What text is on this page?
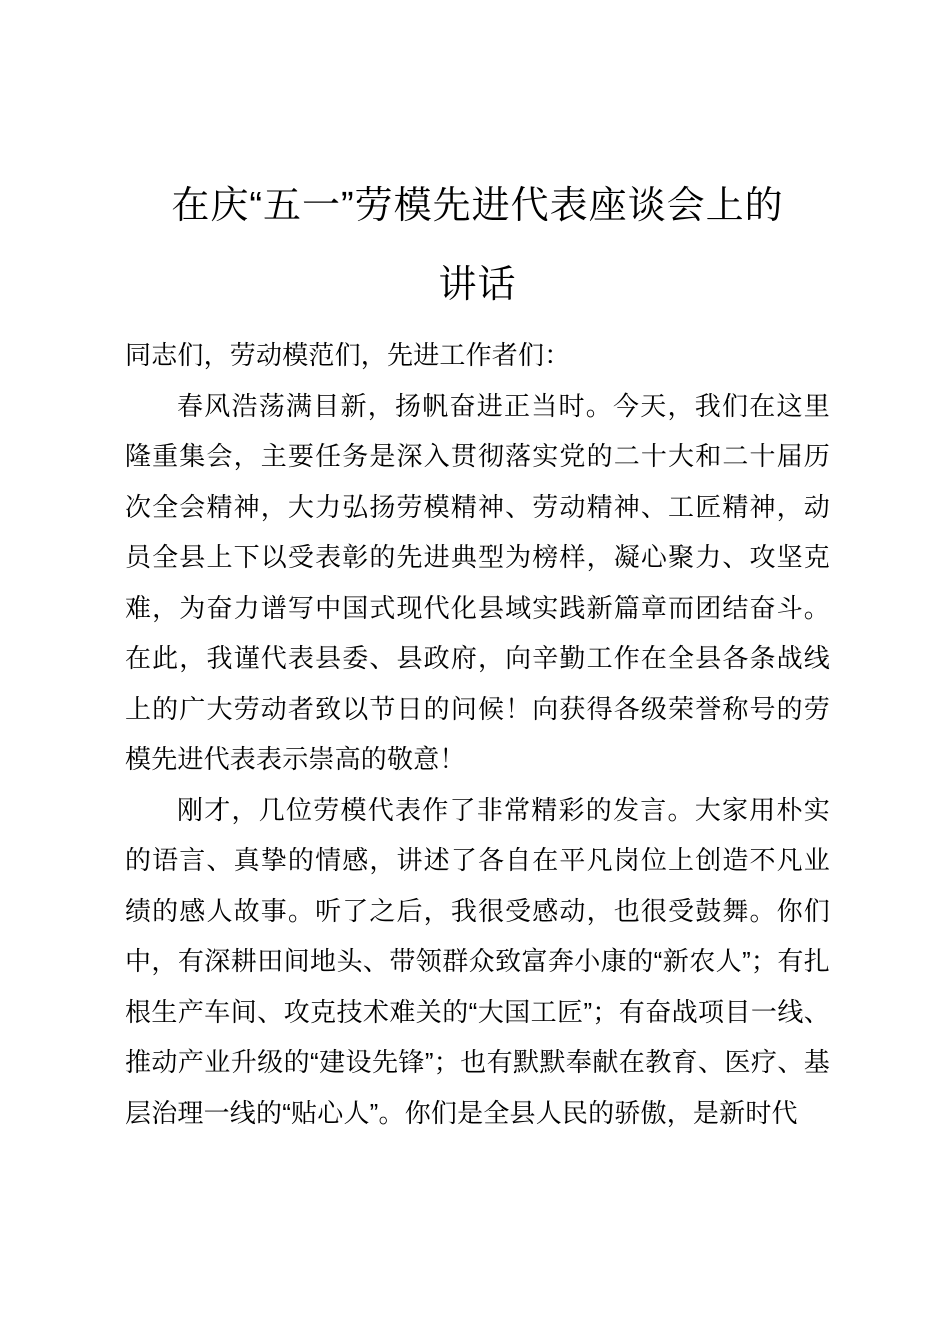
在庆“五一”劳模先进代表座谈会上的
讲话

同志们，劳动模范们，先进工作者们：

春风浩荡满目新，扬帆奋进正当时。今天，我们在这里隆重集会，主要任务是深入贯彻落实党的二十大和二十届历次全会精神，大力弘扬劳模精神、劳动精神、工匠精神，动员全县上下以受表彰的先进典型为榜样，凝心聚力、攻坚克难，为奋力谱写中国式现代化县域实践新篇章而团结奋斗。在此，我谨代表县委、县政府，向辛勤工作在全县各条战线上的广大劳动者致以节日的问候！向获得各级荣誉称号的劳模先进代表表示崇高的敬意！

刚才，几位劳模代表作了非常精彩的发言。大家用朴实的语言、真挚的情感，讲述了各自在平凡岗位上创造不凡业绩的感人故事。听了之后，我很受感动，也很受鼓舞。你们中，有深耕田间地头、带领群众致富奔小康的“新农人”；有扎根生产车间、攻克技术难关的“大国工匠”；有奋战项目一线、推动产业升级的“建设先锋”；也有默默奉献在教育、医疗、基层治理一线的“贴心人”。你们是全县人民的骄傲，是新时代
